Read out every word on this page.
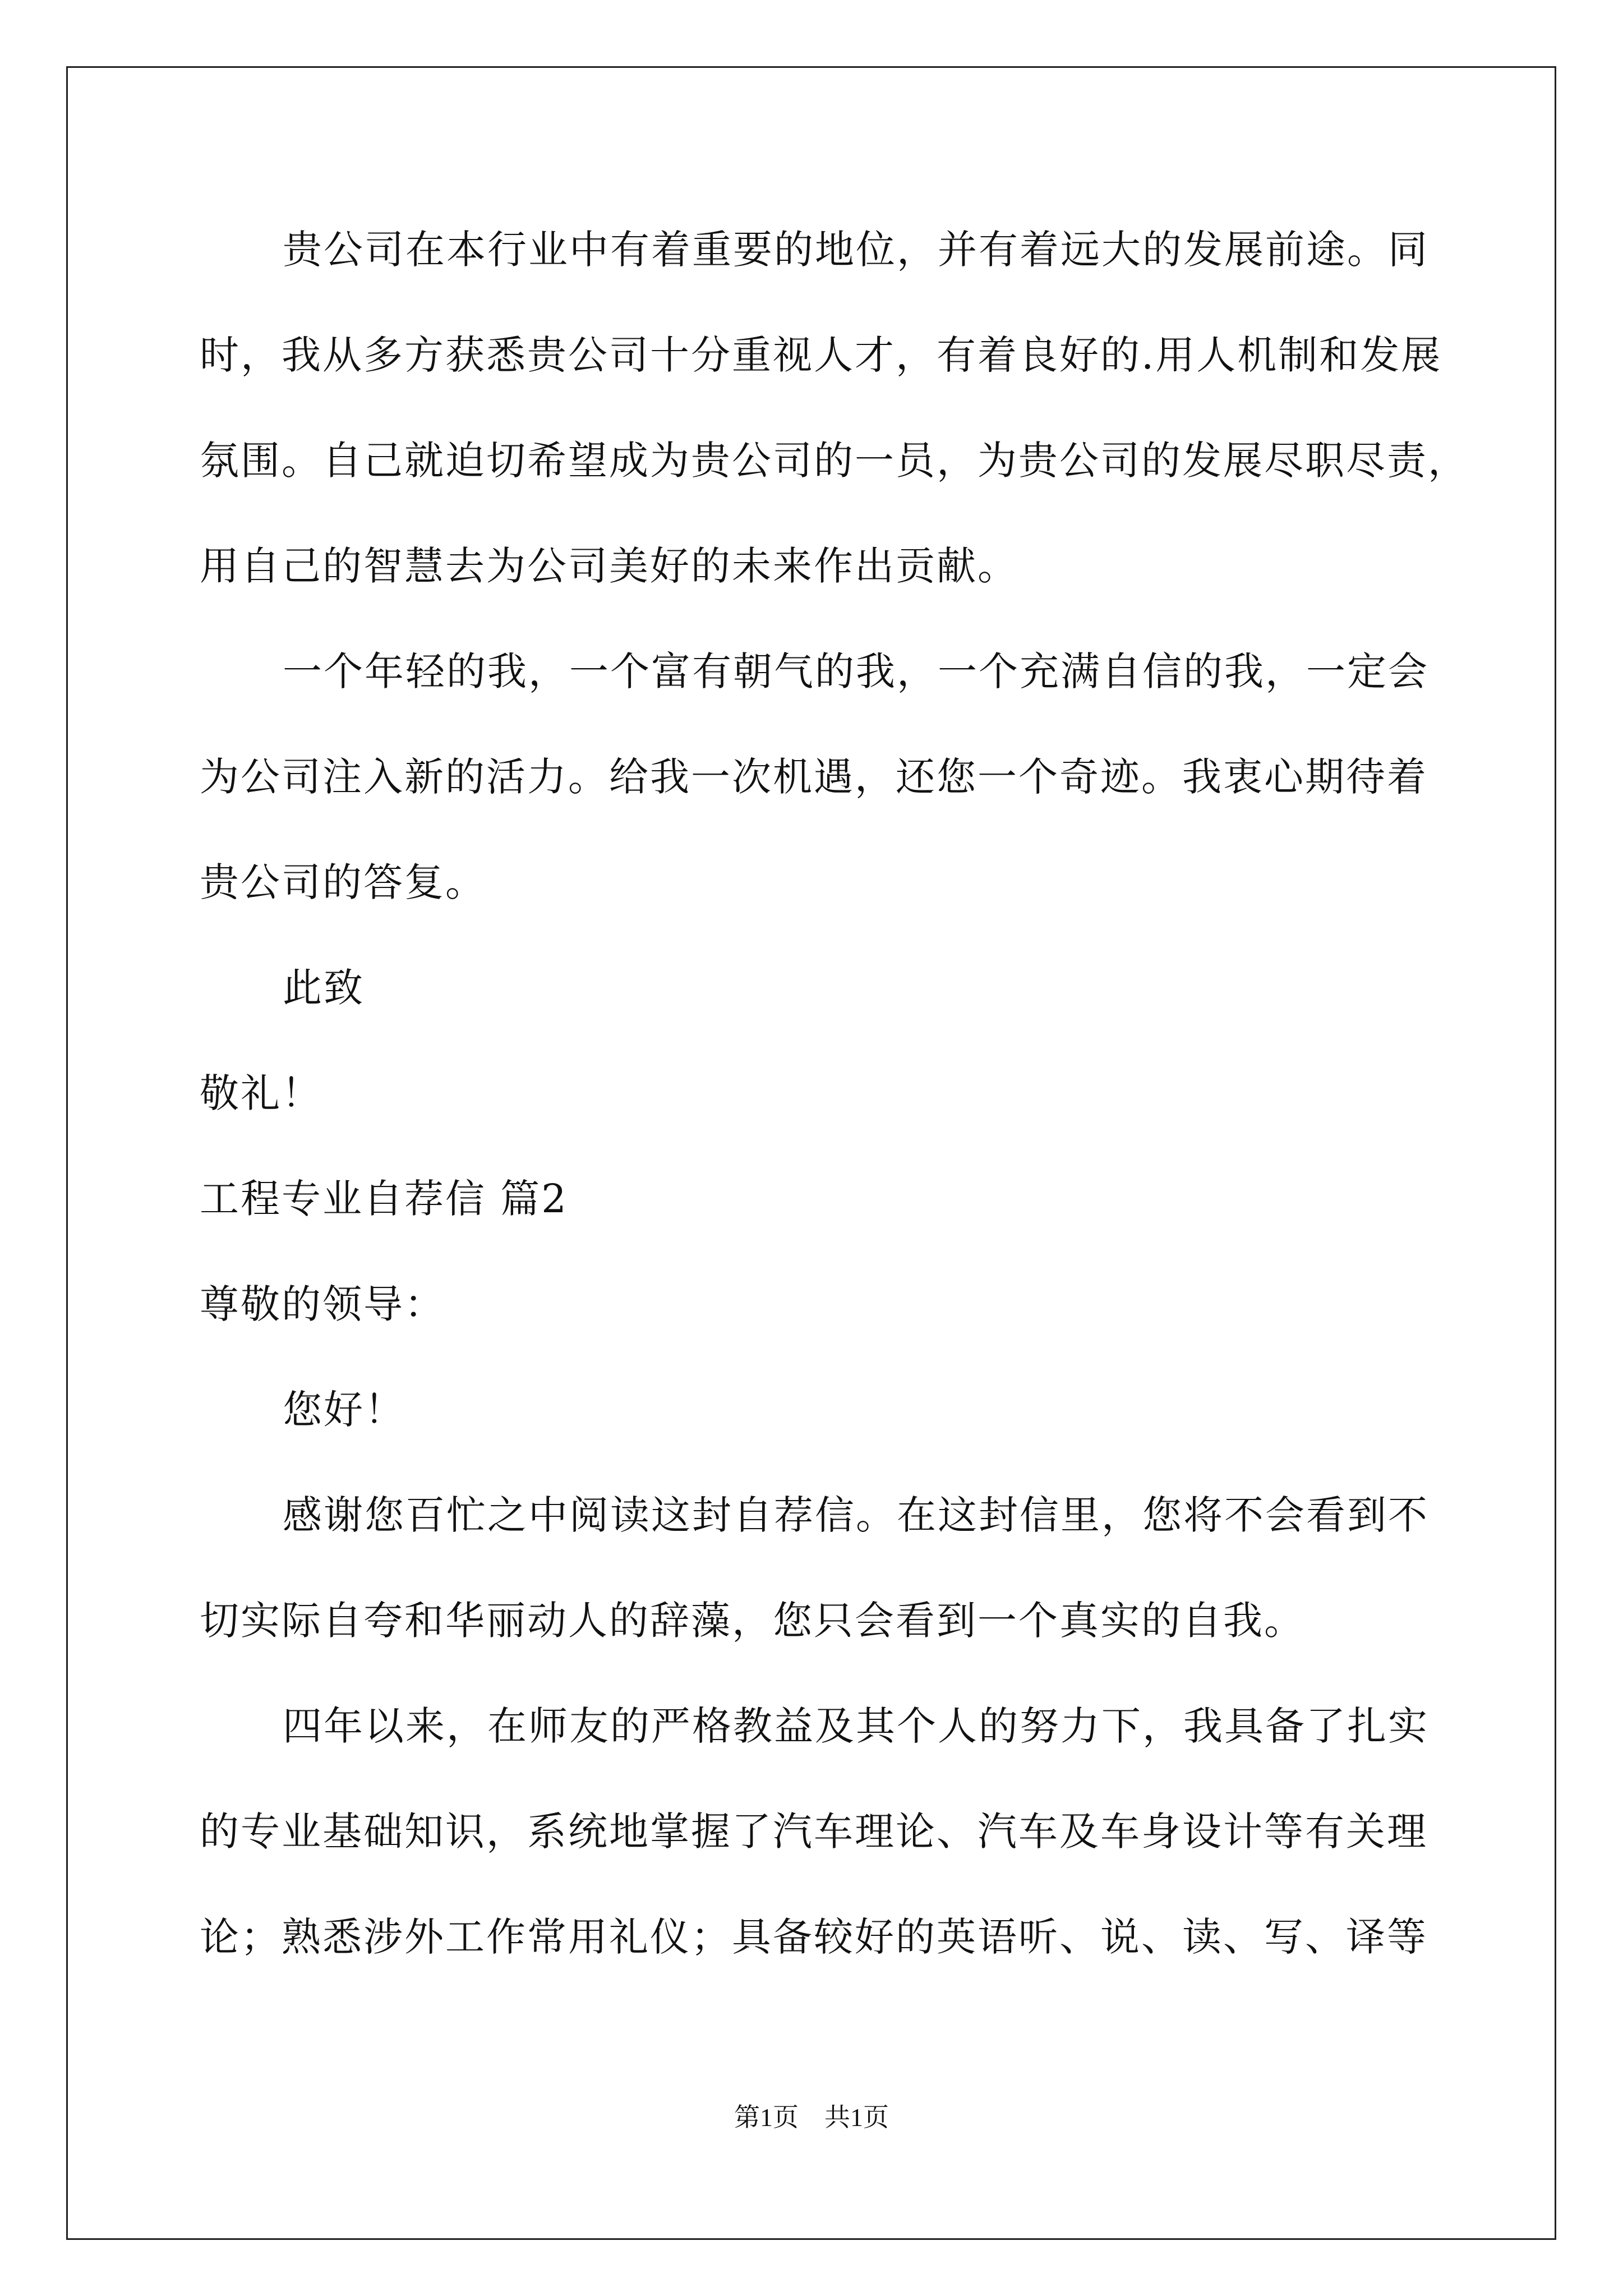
贵公司在本行业中有着重要的地位，并有着远大的发展前途。同
时，我从多方获悉贵公司十分重视人才，有着良好的.用人机制和发展
氛围。自己就迫切希望成为贵公司的一员，为贵公司的发展尽职尽责，
用自己的智慧去为公司美好的未来作出贡献。
一个年轻的我，一个富有朝气的我，一个充满自信的我，一定会
为公司注入新的活力。给我一次机遇，还您一个奇迹。我衷心期待着
贵公司的答复。
此致
敬礼！
工程专业自荐信 篇2
尊敬的领导：
您好！
感谢您百忙之中阅读这封自荐信。在这封信里，您将不会看到不
切实际自夸和华丽动人的辞藻，您只会看到一个真实的自我。
四年以来，在师友的严格教益及其个人的努力下，我具备了扎实
的专业基础知识，系统地掌握了汽车理论、汽车及车身设计等有关理
论；熟悉涉外工作常用礼仪；具备较好的英语听、说、读、写、译等
第1页　共1页
